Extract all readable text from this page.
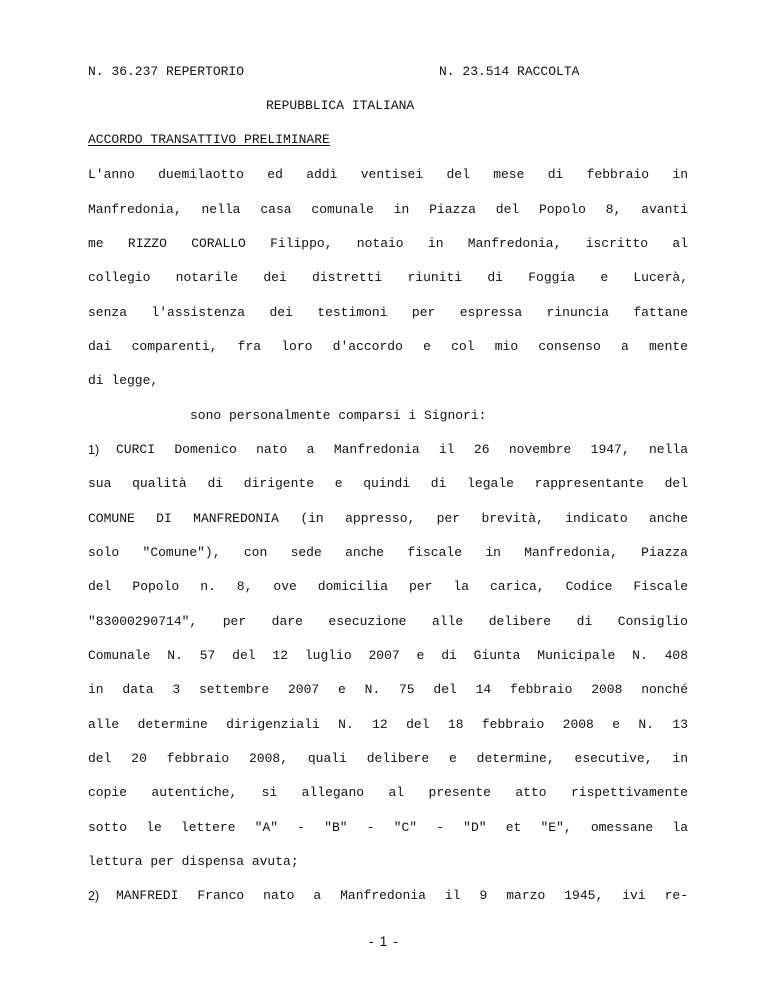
N. 36.237 REPERTORIO	N. 23.514 RACCOLTA
REPUBBLICA ITALIANA
ACCORDO TRANSATTIVO PRELIMINARE
L'anno duemilaotto ed addì ventisei del mese di febbraio in
Manfredonia, nella casa comunale in Piazza del Popolo 8, avanti
me RIZZO CORALLO Filippo, notaio in Manfredonia, iscritto al
collegio notarile dei distretti riuniti di Foggia e Lucerà,
senza l'assistenza dei testimoni per espressa rinuncia fattane
dai comparenti, fra loro d'accordo e col mio consenso a mente
di legge,
sono personalmente comparsi i Signori:
1)	CURCI Domenico nato a Manfredonia il 26 novembre 1947, nella
sua qualità di dirigente e quindi di legale rappresentante del
COMUNE DI MANFREDONIA (in appresso, per brevità, indicato anche
solo "Comune"), con sede anche fiscale in Manfredonia, Piazza
del Popolo n. 8, ove domicilia per la carica, Codice Fiscale
"83000290714", per dare esecuzione alle delibere di Consiglio
Comunale N. 57 del 12 luglio 2007 e di Giunta Municipale N. 408
in data 3 settembre 2007 e N. 75 del 14 febbraio 2008 nonché
alle determine dirigenziali N. 12 del 18 febbraio 2008 e N. 13
del 20 febbraio 2008, quali delibere e determine, esecutive, in
copie autentiche, si allegano al presente atto rispettivamente
sotto le lettere "A" - "B" - "C" - "D" et "E", omessane la
lettura per dispensa avuta;
2)	MANFREDI Franco nato a Manfredonia il 9 marzo 1945, ivi re-
- 1 -
